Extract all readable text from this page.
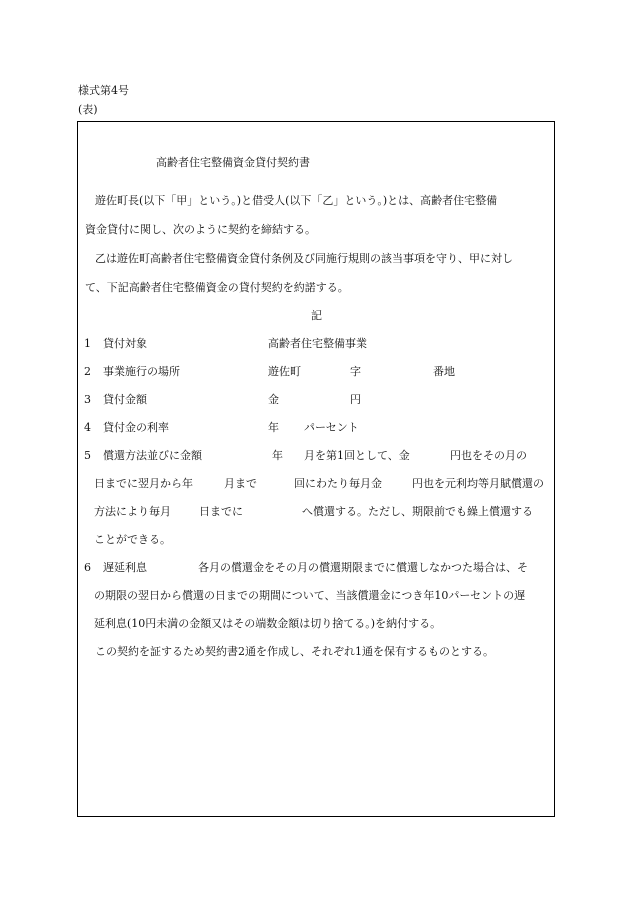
様式第4号
(表)
高齢者住宅整備資金貸付契約書
遊佐町長(以下「甲」という。)と借受人(以下「乙」という。)とは、高齢者住宅整備
資金貸付に関し、次のように契約を締結する。
乙は遊佐町高齢者住宅整備資金貸付条例及び同施行規則の該当事項を守り、甲に対し
て、下記高齢者住宅整備資金の貸付契約を約諾する。
記
1 貸付対象	高齢者住宅整備事業
2 事業施行の場所	遊佐町	字	番地
3 貸付金額	金	円
4 貸付金の利率	年 パーセント
5 償還方法並びに金額	年 月を第1回として、金	円也をその月の
日までに翌月から年	月まで	回にわたり毎月金	円也を元利均等月賦償還の
方法により毎月	日までに	へ償還する。ただし、期限前でも繰上償還する
ことができる。
6 遅延利息	各月の償還金をその月の償還期限までに償還しなかつた場合は、そ
の期限の翌日から償還の日までの期間について、当該償還金につき年10パーセントの遅
延利息(10円未満の金額又はその端数金額は切り捨てる。)を納付する。
この契約を証するため契約書2通を作成し、それぞれ1通を保有するものとする。
